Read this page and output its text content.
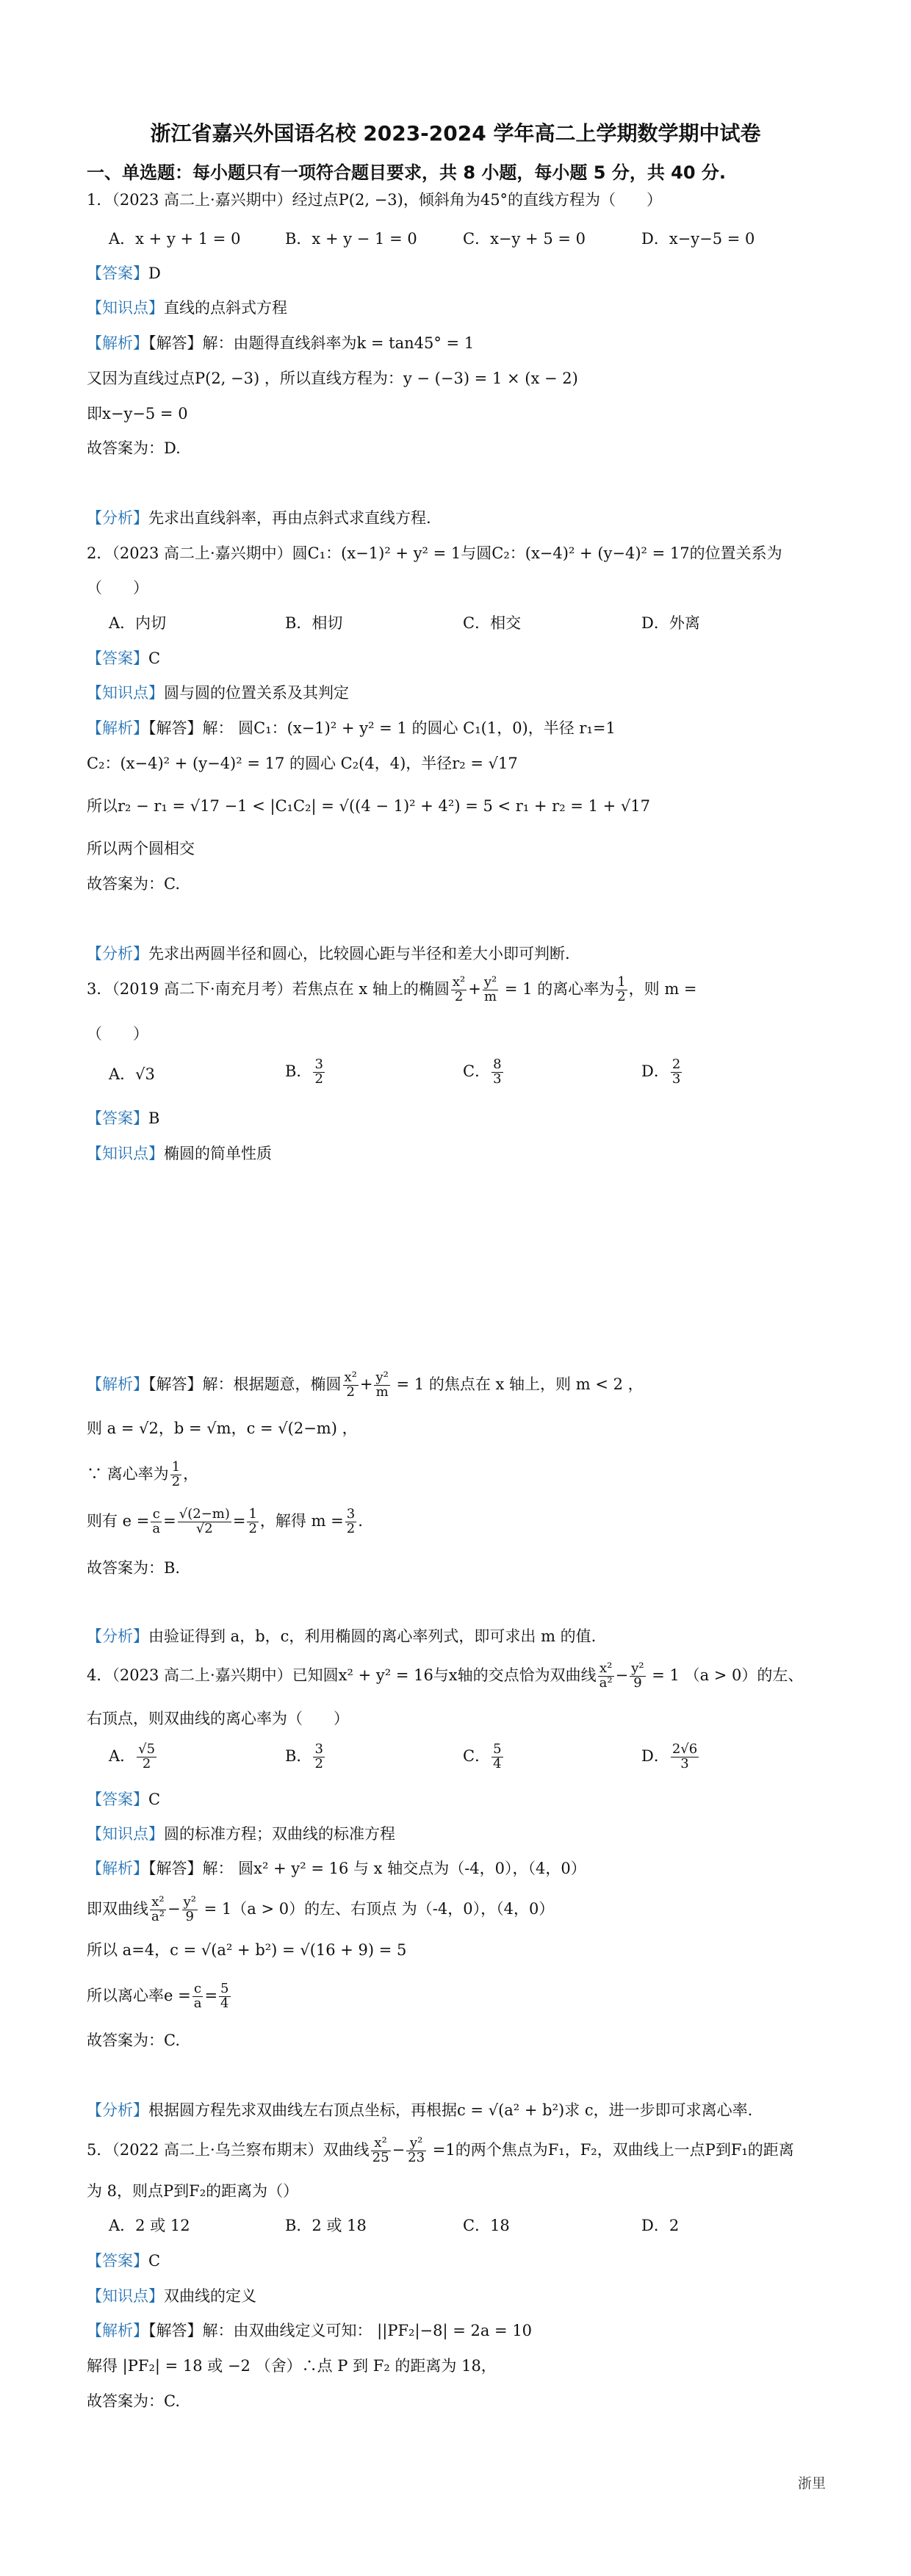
浙江省嘉兴外国语名校 2023-2024 学年高二上学期数学期中试卷
一、单选题：每小题只有一项符合题目要求，共 8 小题，每小题 5 分，共 40 分.
1．（2023 高二上·嘉兴期中）经过点P(2, −3)，倾斜角为45°的直线方程为（　　）
A．x + y + 1 = 0	B．x + y − 1 = 0	C．x−y + 5 = 0	D．x−y−5 = 0
【答案】D
【知识点】直线的点斜式方程
【解析】【解答】解：由题得直线斜率为k = tan45° = 1
又因为直线过点P(2, −3) ，所以直线方程为：y − (−3) = 1 × (x − 2)
即x−y−5 = 0
故答案为：D.
【分析】先求出直线斜率，再由点斜式求直线方程.
2．（2023 高二上·嘉兴期中）圆C₁：(x−1)² + y² = 1与圆C₂：(x−4)² + (y−4)² = 17的位置关系为
（　　）
A．内切	B．相切	C．相交	D．外离
【答案】C
【知识点】圆与圆的位置关系及其判定
【解析】【解答】解： 圆C₁：(x−1)² + y² = 1 的圆心 C₁(1，0)，半径 r₁=1
C₂：(x−4)² + (y−4)² = 17 的圆心 C₂(4，4)，半径r₂ = √17
所以r₂ − r₁ = √17 −1 < |C₁C₂| = √((4 − 1)² + 4²) = 5 < r₁ + r₂ = 1 + √17
所以两个圆相交
故答案为：C.
【分析】先求出两圆半径和圆心，比较圆心距与半径和差大小即可判断.
3．（2019 高二下·南充月考）若焦点在 x 轴上的椭圆 $\frac{\text{x²}}{2} + \frac{\text{y²}}{m} = 1$ 的离心率为 $\frac{1}{2}$ ，则 m =
（　　）
A．√3	B． $\frac{3}{2}$	C． $\frac{8}{3}$	D． $\frac{2}{3}$
【答案】B
【知识点】椭圆的简单性质
【解析】【解答】解：根据题意，椭圆 $\frac{\text{x²}}{2} + \frac{\text{y²}}{m} = 1$ 的焦点在 x 轴上，则 m < 2 ，
则 a = √2，b = √m，c = √(2−m) ，
∵ 离心率为 $\frac{1}{2}$ ，
则有 $e = \frac{c}{a} = \frac{√(2-m)}{√2} = \frac{1}{2}$ ，解得 $m = \frac{3}{2}$ .
故答案为：B.
【分析】由验证得到 a，b，c，利用椭圆的离心率列式，即可求出 m 的值.
4．（2023 高二上·嘉兴期中）已知圆x² + y² = 16与x轴的交点恰为双曲线 $\frac{\text{x²}}{\text{a²}} - \frac{\text{y²}}{9} = 1$ （a > 0）的左、
右顶点，则双曲线的离心率为（　　）
A． $\frac{√5}{2}$	B． $\frac{3}{2}$	C． $\frac{5}{4}$	D． $\frac{2√6}{3}$
【答案】C
【知识点】圆的标准方程；双曲线的标准方程
【解析】【解答】解： 圆x² + y² = 16 与 x 轴交点为（-4，0），（4，0）
即双曲线 $\frac{\text{x²}}{\text{a²}} - \frac{\text{y²}}{9} = 1(a > 0)$的左、右顶点 为（-4，0），（4，0）
所以 a=4，c = √(a² + b²) = √(16 + 9) = 5
所以离心率$e = \frac{c}{a} = \frac{5}{4}$
故答案为：C.
【分析】根据圆方程先求双曲线左右顶点坐标，再根据c = √(a² + b²)求 c，进一步即可求离心率.
5．（2022 高二上·乌兰察布期末）双曲线 $\frac{\text{x²}}{25} - \frac{\text{y²}}{23} =1$的两个焦点为F₁，F₂，双曲线上一点P到F₁的距离
为 8，则点P到F₂的距离为（）
A．2 或 12	B．2 或 18	C．18	D．2
【答案】C
【知识点】双曲线的定义
【解析】【解答】解：由双曲线定义可知： ||PF₂|−8| = 2a = 10
解得 |PF₂| = 18 或 −2 （舍）∴点 P 到 F₂ 的距离为 18，
故答案为：C.
浙里
